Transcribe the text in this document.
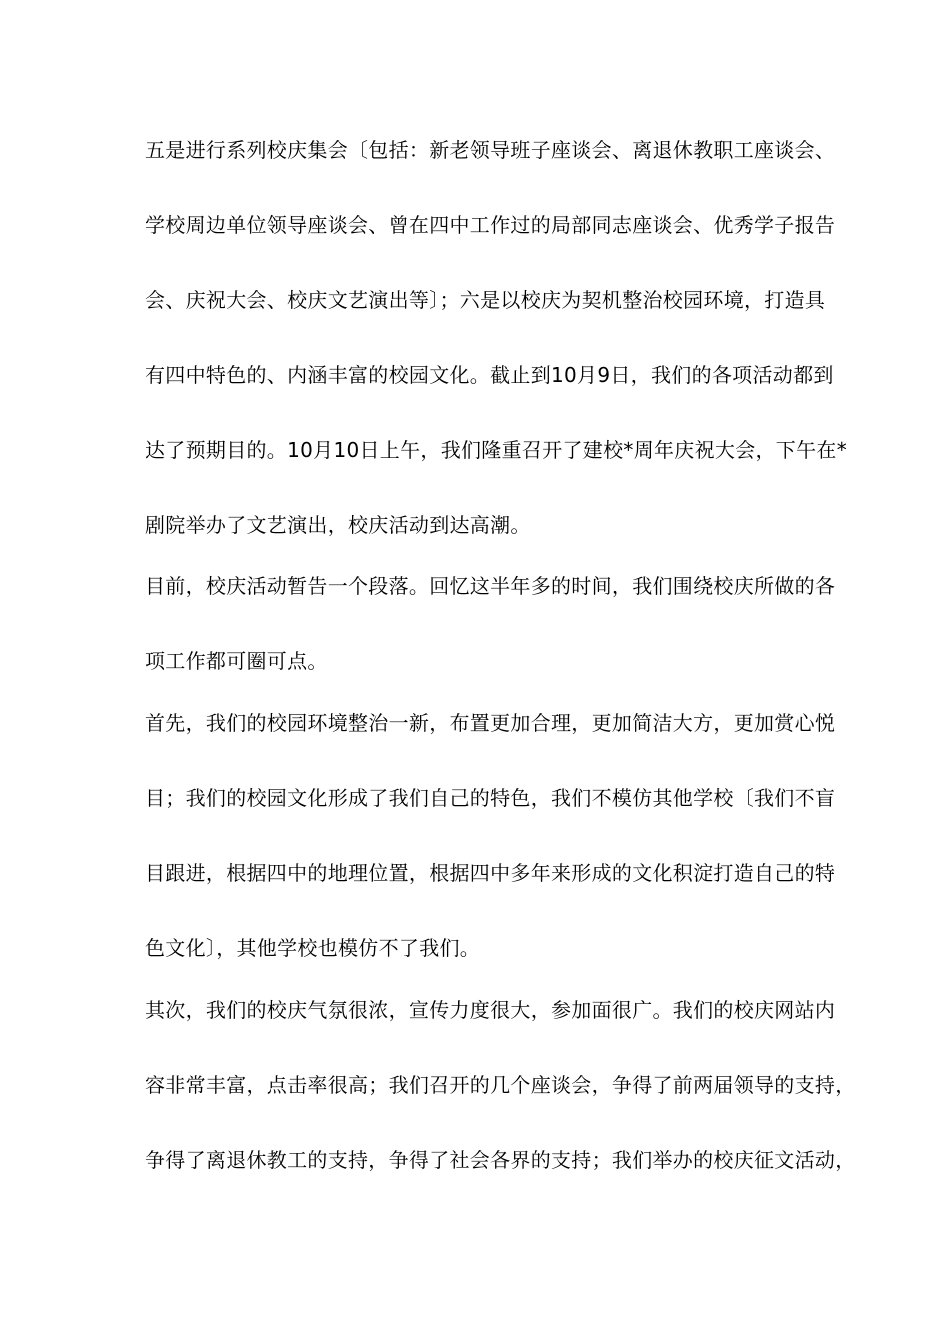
五是进行系列校庆集会〔包括：新老领导班子座谈会、离退休教职工座谈会、
学校周边单位领导座谈会、曾在四中工作过的局部同志座谈会、优秀学子报告
会、庆祝大会、校庆文艺演出等〕；六是以校庆为契机整治校园环境，打造具
有四中特色的、内涵丰富的校园文化。截止到10月9日，我们的各项活动都到
达了预期目的。10月10日上午，我们隆重召开了建校*周年庆祝大会，下午在*
剧院举办了文艺演出，校庆活动到达高潮。
目前，校庆活动暂告一个段落。回忆这半年多的时间，我们围绕校庆所做的各
项工作都可圈可点。
首先，我们的校园环境整治一新，布置更加合理，更加简洁大方，更加赏心悦
目；我们的校园文化形成了我们自己的特色，我们不模仿其他学校〔我们不盲
目跟进，根据四中的地理位置，根据四中多年来形成的文化积淀打造自己的特
色文化〕，其他学校也模仿不了我们。
其次，我们的校庆气氛很浓，宣传力度很大，参加面很广。我们的校庆网站内
容非常丰富，点击率很高；我们召开的几个座谈会，争得了前两届领导的支持，
争得了离退休教工的支持，争得了社会各界的支持；我们举办的校庆征文活动，
